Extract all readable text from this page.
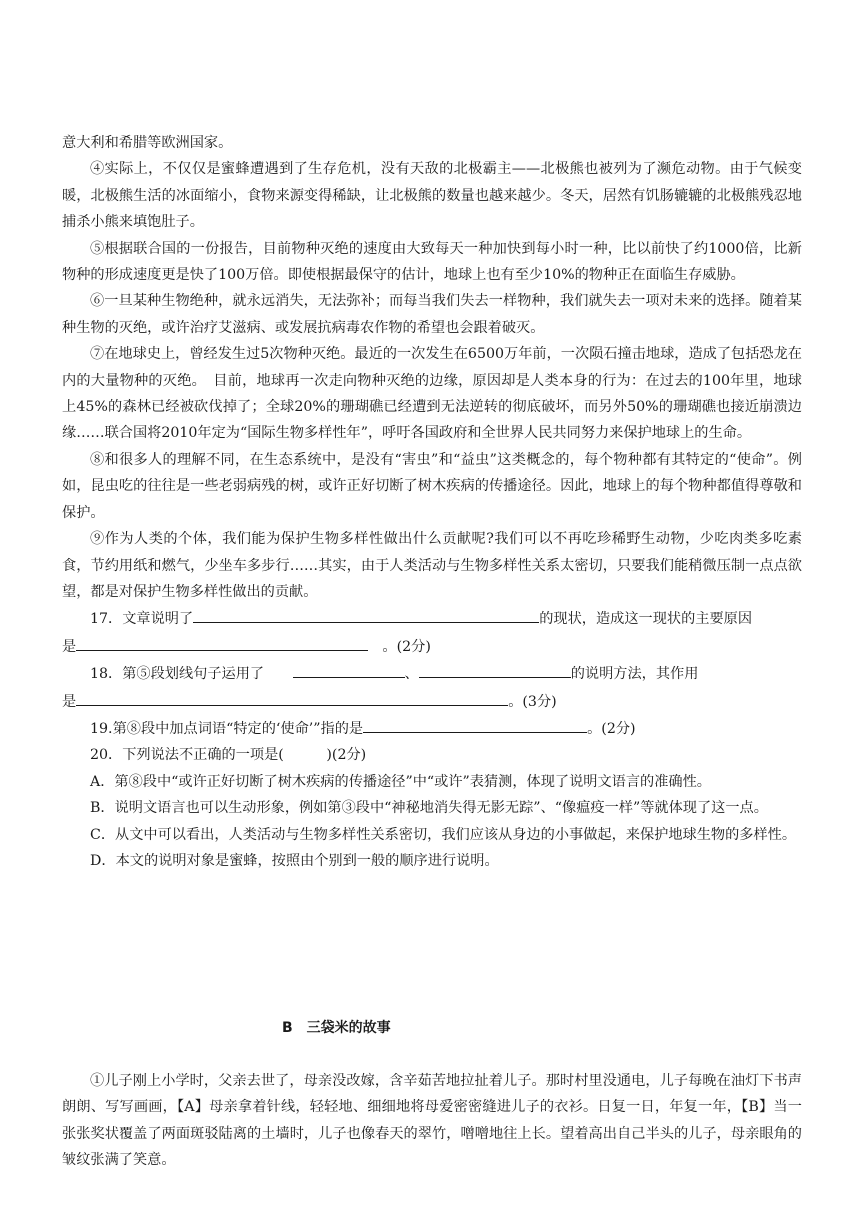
意大利和希腊等欧洲国家。

④实际上，不仅仅是蜜蜂遭遇到了生存危机，没有天敌的北极霸主——北极熊也被列为了濒危动物。由于气候变暖，北极熊生活的冰面缩小，食物来源变得稀缺，让北极熊的数量也越来越少。冬天，居然有饥肠辘辘的北极熊残忍地捕杀小熊来填饱肚子。

⑤根据联合国的一份报告，目前物种灭绝的速度由大致每天一种加快到每小时一种，比以前快了约1000倍，比新物种的形成速度更是快了100万倍。即使根据最保守的估计，地球上也有至少10%的物种正在面临生存威胁。

⑥一旦某种生物绝种，就永远消失，无法弥补；而每当我们失去一样物种，我们就失去一项对未来的选择。随着某种生物的灭绝，或许治疗艾滋病、或发展抗病毒农作物的希望也会跟着破灭。

⑦在地球史上，曾经发生过5次物种灭绝。最近的一次发生在6500万年前，一次陨石撞击地球，造成了包括恐龙在内的大量物种的灭绝。　目前，地球再一次走向物种灭绝的边缘，原因却是人类本身的行为：在过去的100年里，地球上45%的森林已经被砍伐掉了；全球20%的珊瑚礁已经遭到无法逆转的彻底破坏，而另外50%的珊瑚礁也接近崩溃边缘……联合国将2010年定为“国际生物多样性年”，呼吁各国政府和全世界人民共同努力来保护地球上的生命。

⑧和很多人的理解不同，在生态系统中，是没有“害虫”和“益虫”这类概念的，每个物种都有其特定的“使命”。例如，昆虫吃的往往是一些老弱病残的树，或许正好切断了树木疾病的传播途径。因此，地球上的每个物种都值得尊敬和保护。

⑨作为人类的个体，我们能为保护生物多样性做出什么贡献呢?我们可以不再吃珍稀野生动物，少吃肉类多吃素食，节约用纸和燃气，少坐车多步行……其实，由于人类活动与生物多样性关系太密切，只要我们能稍微压制一点点欲望，都是对保护生物多样性做出的贡献。

17．文章说明了	的现状，造成这一现状的主要原因

是　	。(2分)

18．第⑤段划线句子运用了　　	、	的说明方法，其作用

是	。(3分)

19.第⑧段中加点词语“特定的‘使命’”指的是	。(2分)

20．下列说法不正确的一项是(　　　)(2分)

A．第⑧段中“或许正好切断了树木疾病的传播途径”中“或许”表猜测，体现了说明文语言的准确性。

B．说明文语言也可以生动形象，例如第③段中“神秘地消失得无影无踪”、“像瘟疫一样”等就体现了这一点。

C．从文中可以看出，人类活动与生物多样性关系密切，我们应该从身边的小事做起，来保护地球生物的多样性。

D．本文的说明对象是蜜蜂，按照由个别到一般的顺序进行说明。

B　三袋米的故事

①儿子刚上小学时，父亲去世了，母亲没改嫁，含辛茹苦地拉扯着儿子。那时村里没通电，儿子每晚在油灯下书声朗朗、写写画画，【A】母亲拿着针线，轻轻地、细细地将母爱密密缝进儿子的衣衫。日复一日，年复一年，【B】当一张张奖状覆盖了两面斑驳陆离的土墙时，儿子也像春天的翠竹，噌噌地往上长。望着高出自己半头的儿子，母亲眼角的皱纹张满了笑意。
